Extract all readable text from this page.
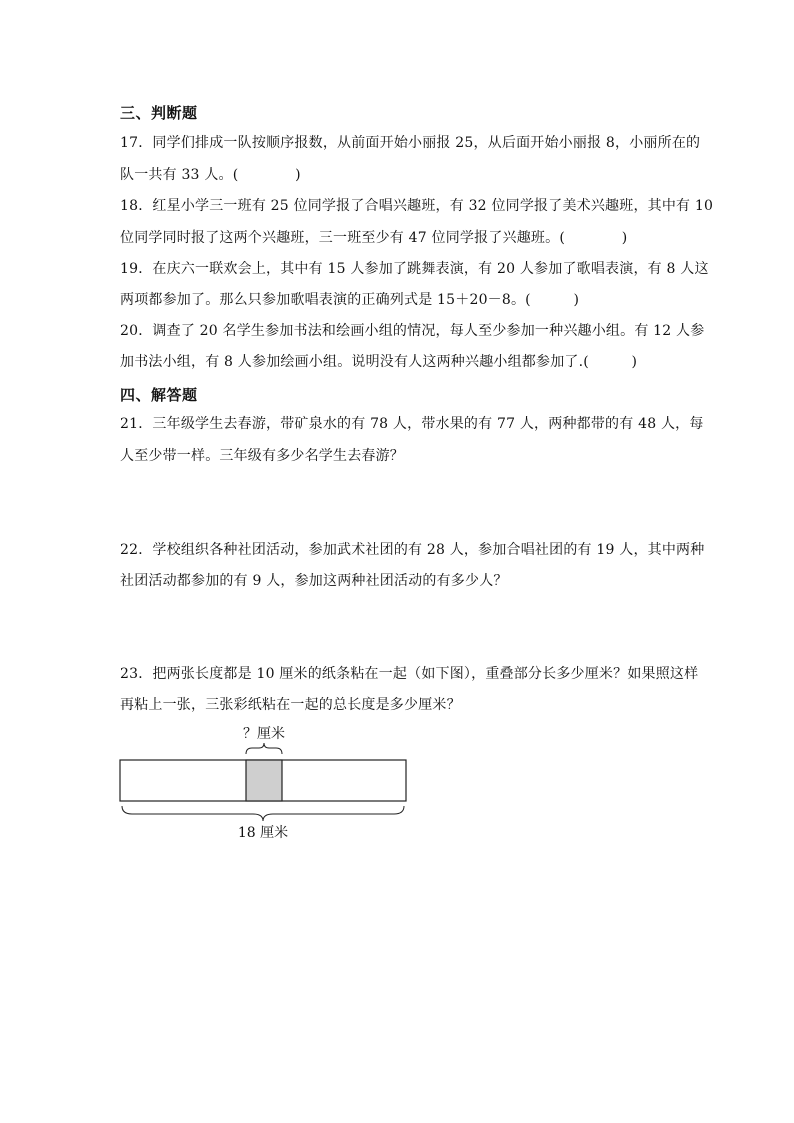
三、判断题
17．同学们排成一队按顺序报数，从前面开始小丽报 25，从后面开始小丽报 8，小丽所在的
队一共有 33 人。(　　　　)
18．红星小学三一班有 25 位同学报了合唱兴趣班，有 32 位同学报了美术兴趣班，其中有 10
位同学同时报了这两个兴趣班，三一班至少有 47 位同学报了兴趣班。(　　　　)
19．在庆六一联欢会上，其中有 15 人参加了跳舞表演，有 20 人参加了歌唱表演，有 8 人这
两项都参加了。那么只参加歌唱表演的正确列式是 15＋20－8。(　　　)
20．调查了 20 名学生参加书法和绘画小组的情况，每人至少参加一种兴趣小组。有 12 人参
加书法小组，有 8 人参加绘画小组。说明没有人这两种兴趣小组都参加了.(　　　)
四、解答题
21．三年级学生去春游，带矿泉水的有 78 人，带水果的有 77 人，两种都带的有 48 人，每
人至少带一样。三年级有多少名学生去春游？
22．学校组织各种社团活动，参加武术社团的有 28 人，参加合唱社团的有 19 人，其中两种
社团活动都参加的有 9 人，参加这两种社团活动的有多少人？
23．把两张长度都是 10 厘米的纸条粘在一起（如下图），重叠部分长多少厘米？如果照这样
再粘上一张，三张彩纸粘在一起的总长度是多少厘米？
？厘米
18 厘米
